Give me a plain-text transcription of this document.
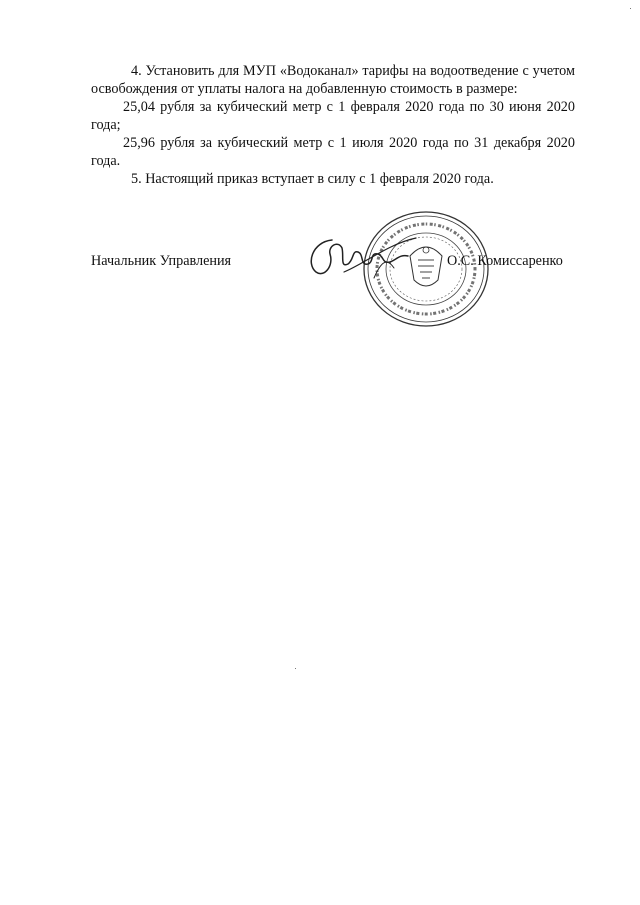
4. Установить для МУП «Водоканал» тарифы на водоотведение с учетом освобождения от уплаты налога на добавленную стоимость в размере:

25,04 рубля за кубический метр с 1 февраля 2020 года по 30 июня 2020 года;

25,96 рубля за кубический метр с 1 июля 2020 года по 31 декабря 2020 года.

5. Настоящий приказ вступает в силу с 1 февраля 2020 года.

Начальник Управления	О.С. Комиссаренко
